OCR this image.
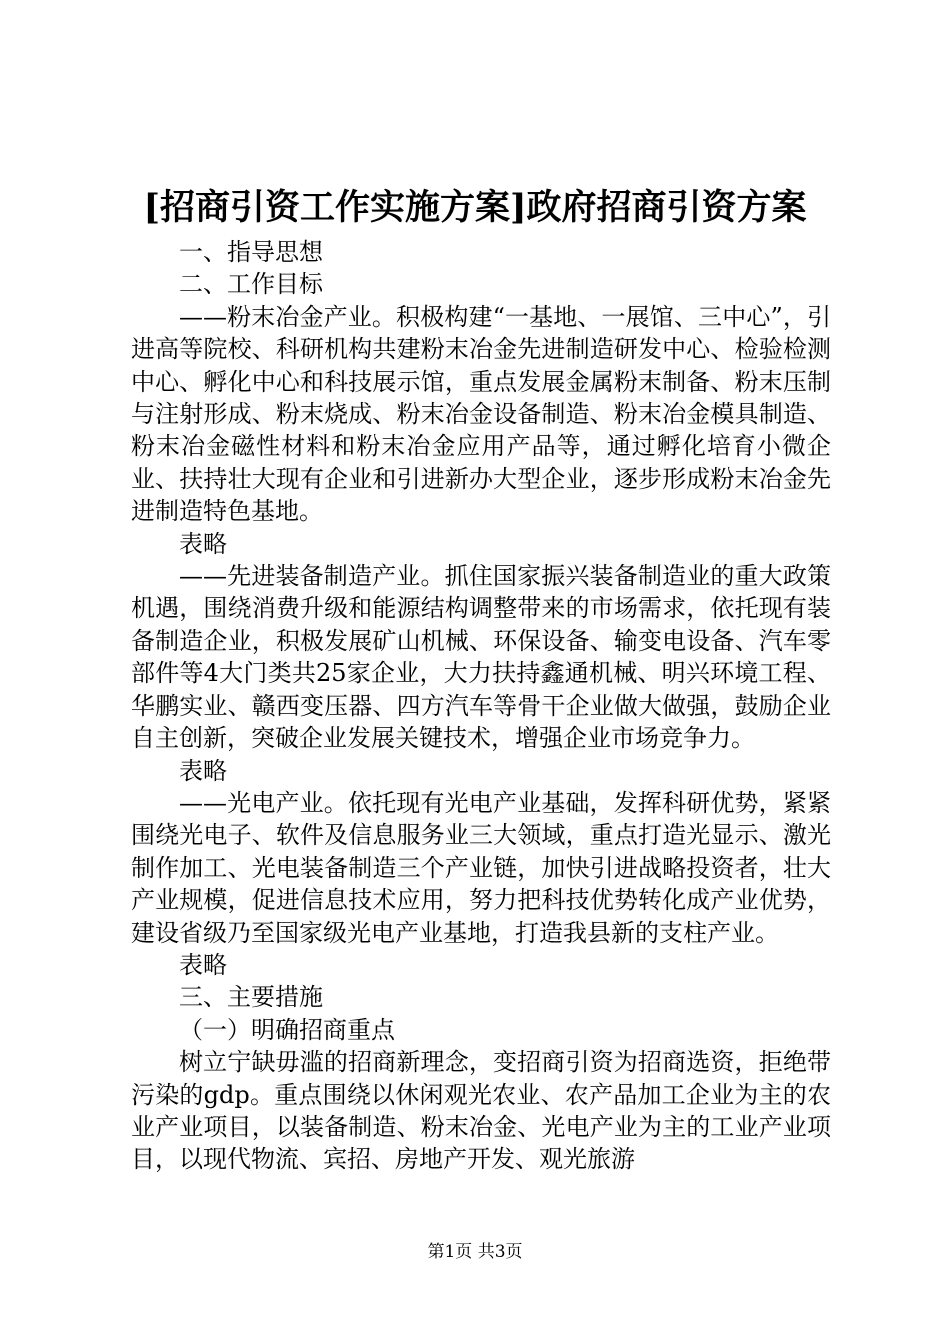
[招商引资工作实施方案]政府招商引资方案

一、指导思想

二、工作目标

——粉末冶金产业。积极构建“一基地、一展馆、三中心”，引进高等院校、科研机构共建粉末冶金先进制造研发中心、检验检测中心、孵化中心和科技展示馆，重点发展金属粉末制备、粉末压制与注射形成、粉末烧成、粉末冶金设备制造、粉末冶金模具制造、粉末冶金磁性材料和粉末冶金应用产品等，通过孵化培育小微企业、扶持壮大现有企业和引进新办大型企业，逐步形成粉末冶金先进制造特色基地。

表略

——先进装备制造产业。抓住国家振兴装备制造业的重大政策机遇，围绕消费升级和能源结构调整带来的市场需求，依托现有装备制造企业，积极发展矿山机械、环保设备、输变电设备、汽车零部件等4大门类共25家企业，大力扶持鑫通机械、明兴环境工程、华鹏实业、赣西变压器、四方汽车等骨干企业做大做强，鼓励企业自主创新，突破企业发展关键技术，增强企业市场竞争力。

表略

——光电产业。依托现有光电产业基础，发挥科研优势，紧紧围绕光电子、软件及信息服务业三大领域，重点打造光显示、激光制作加工、光电装备制造三个产业链，加快引进战略投资者，壮大产业规模，促进信息技术应用，努力把科技优势转化成产业优势，建设省级乃至国家级光电产业基地，打造我县新的支柱产业。

表略

三、主要措施

（一）明确招商重点

树立宁缺毋滥的招商新理念，变招商引资为招商选资，拒绝带污染的gdp。重点围绕以休闲观光农业、农产品加工企业为主的农业产业项目，以装备制造、粉末冶金、光电产业为主的工业产业项目，以现代物流、宾招、房地产开发、观光旅游

第1页 共3页
